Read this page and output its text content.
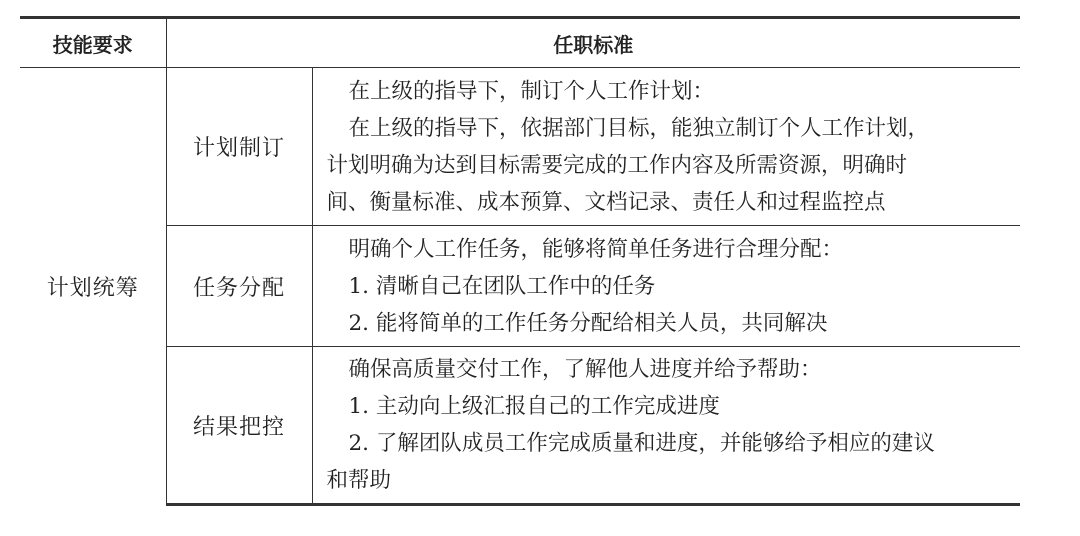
技能要求	任职标准	
计划统筹	计划制订	在上级的指导下，制订个人工作计划：
在上级的指导下，依据部门目标，能独立制订个人工作计划，
计划明确为达到目标需要完成的工作内容及所需资源，明确时
间、衡量标准、成本预算、文档记录、责任人和过程监控点

	任务分配	明确个人工作任务，能够将简单任务进行合理分配：
1. 清晰自己在团队工作中的任务
2. 能将简单的工作任务分配给相关人员，共同解决

	结果把控	确保高质量交付工作，了解他人进度并给予帮助：
1. 主动向上级汇报自己的工作完成进度
2. 了解团队成员工作完成质量和进度，并能够给予相应的建议
和帮助
